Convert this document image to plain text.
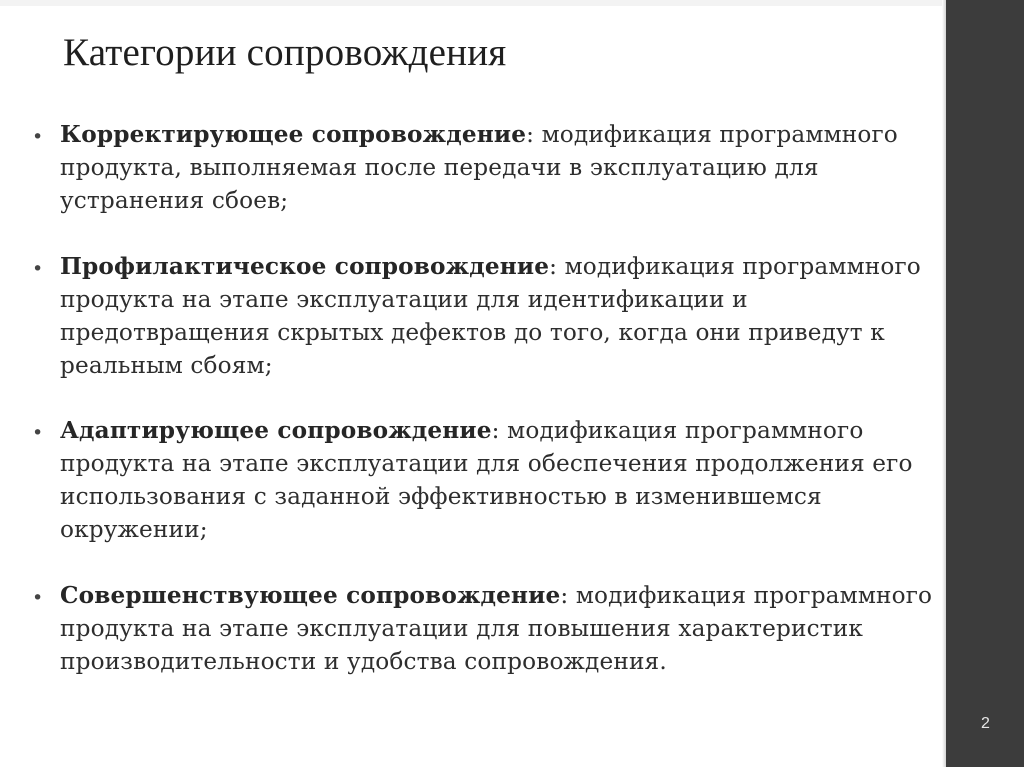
Категории сопровождения
• Корректирующее сопровождение: модификация программного продукта, выполняемая после передачи в эксплуатацию для устранения сбоев;

• Профилактическое сопровождение: модификация программного продукта на этапе эксплуатации для идентификации и предотвращения скрытых дефектов до того, когда они приведут к реальным сбоям;

• Адаптирующее сопровождение: модификация программного продукта на этапе эксплуатации для обеспечения продолжения его использования с заданной эффективностью в изменившемся окружении;

• Совершенствующее сопровождение: модификация программного продукта на этапе эксплуатации для повышения характеристик производительности и удобства сопровождения.

2
